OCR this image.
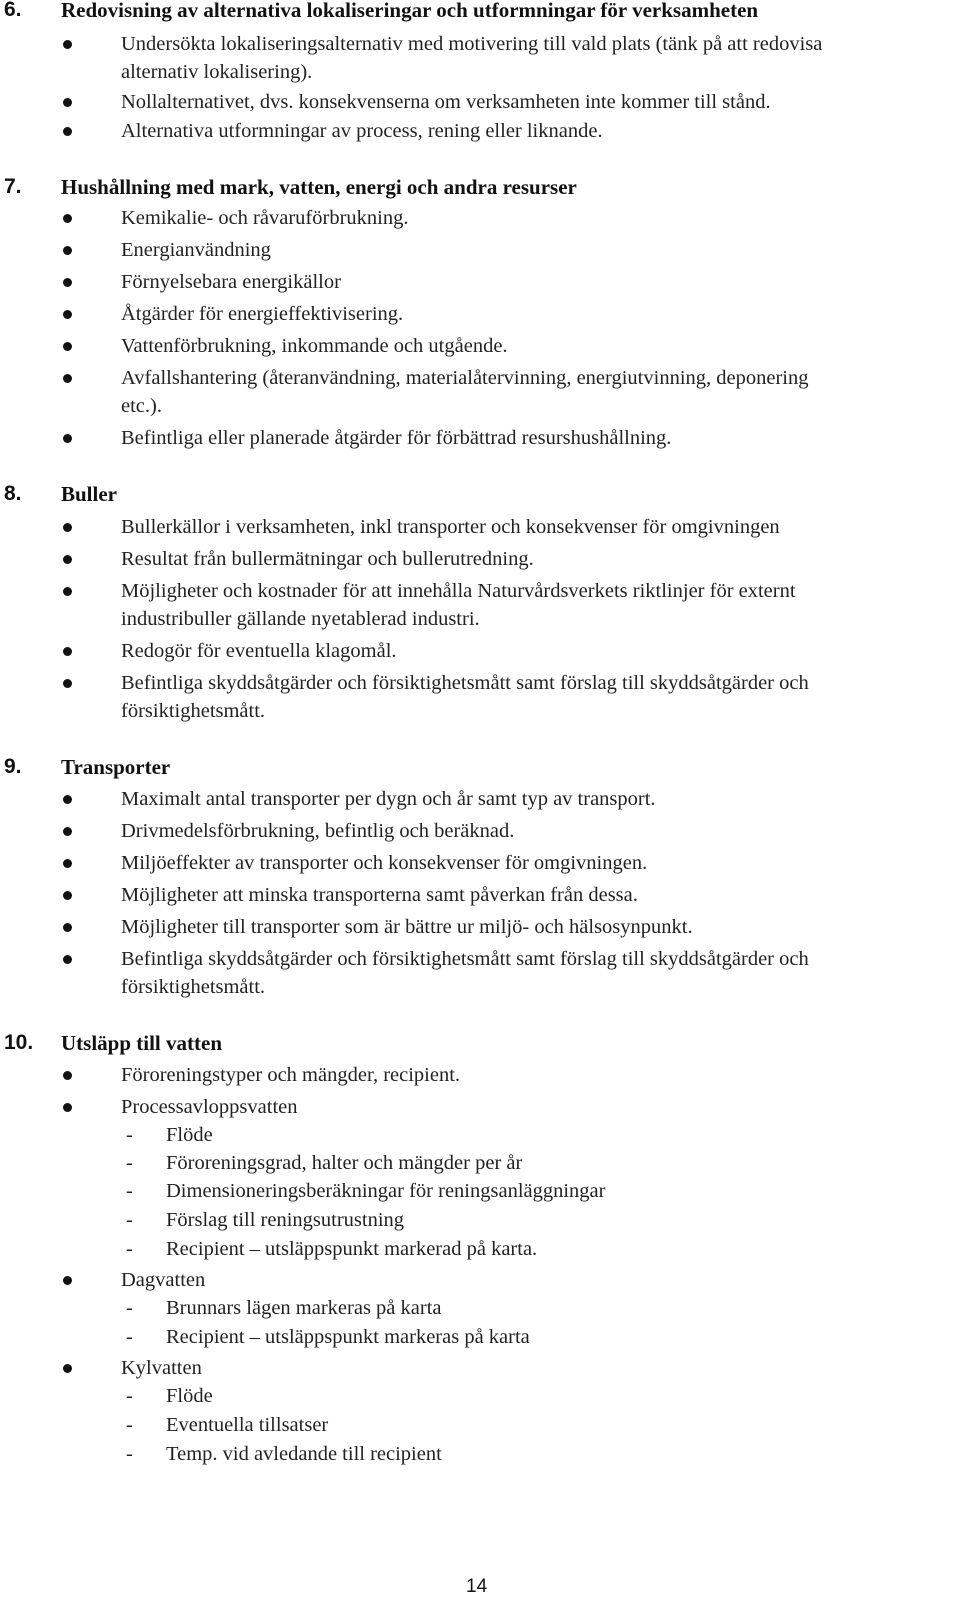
6. Redovisning av alternativa lokaliseringar och utformningar för verksamheten
Undersökta lokaliseringsalternativ med motivering till vald plats (tänk på att redovisa
alternativ lokalisering).
Nollalternativet, dvs. konsekvenserna om verksamheten inte kommer till stånd.
Alternativa utformningar av process, rening eller liknande.
7. Hushållning med mark, vatten, energi och andra resurser
Kemikalie- och råvaruförbrukning.
Energianvändning
Förnyelsebara energikällor
Åtgärder för energieffektivisering.
Vattenförbrukning, inkommande och utgående.
Avfallshantering (återanvändning, materialåtervinning, energiutvinning, deponering
etc.).
Befintliga eller planerade åtgärder för förbättrad resurshushållning.
8. Buller
Bullerkällor i verksamheten, inkl transporter och konsekvenser för omgivningen
Resultat från bullermätningar och bullerutredning.
Möjligheter och kostnader för att innehålla Naturvårdsverkets riktlinjer för externt
industribuller gällande nyetablerad industri.
Redogör för eventuella klagomål.
Befintliga skyddsåtgärder och försiktighetsmått samt förslag till skyddsåtgärder och
försiktighetsmått.
9. Transporter
Maximalt antal transporter per dygn och år samt typ av transport.
Drivmedelsförbrukning, befintlig och beräknad.
Miljöeffekter av transporter och konsekvenser för omgivningen.
Möjligheter att minska transporterna samt påverkan från dessa.
Möjligheter till transporter som är bättre ur miljö- och hälsosynpunkt.
Befintliga skyddsåtgärder och försiktighetsmått samt förslag till skyddsåtgärder och
försiktighetsmått.
10. Utsläpp till vatten
Föroreningstyper och mängder, recipient.
Processavloppsvatten
- Flöde
- Föroreningsgrad, halter och mängder per år
- Dimensioneringsberäkningar för reningsanläggningar
- Förslag till reningsutrustning
- Recipient – utsläppspunkt markerad på karta.
Dagvatten
- Brunnars lägen markeras på karta
- Recipient – utsläppspunkt markeras på karta
Kylvatten
- Flöde
- Eventuella tillsatser
- Temp. vid avledande till recipient
14
